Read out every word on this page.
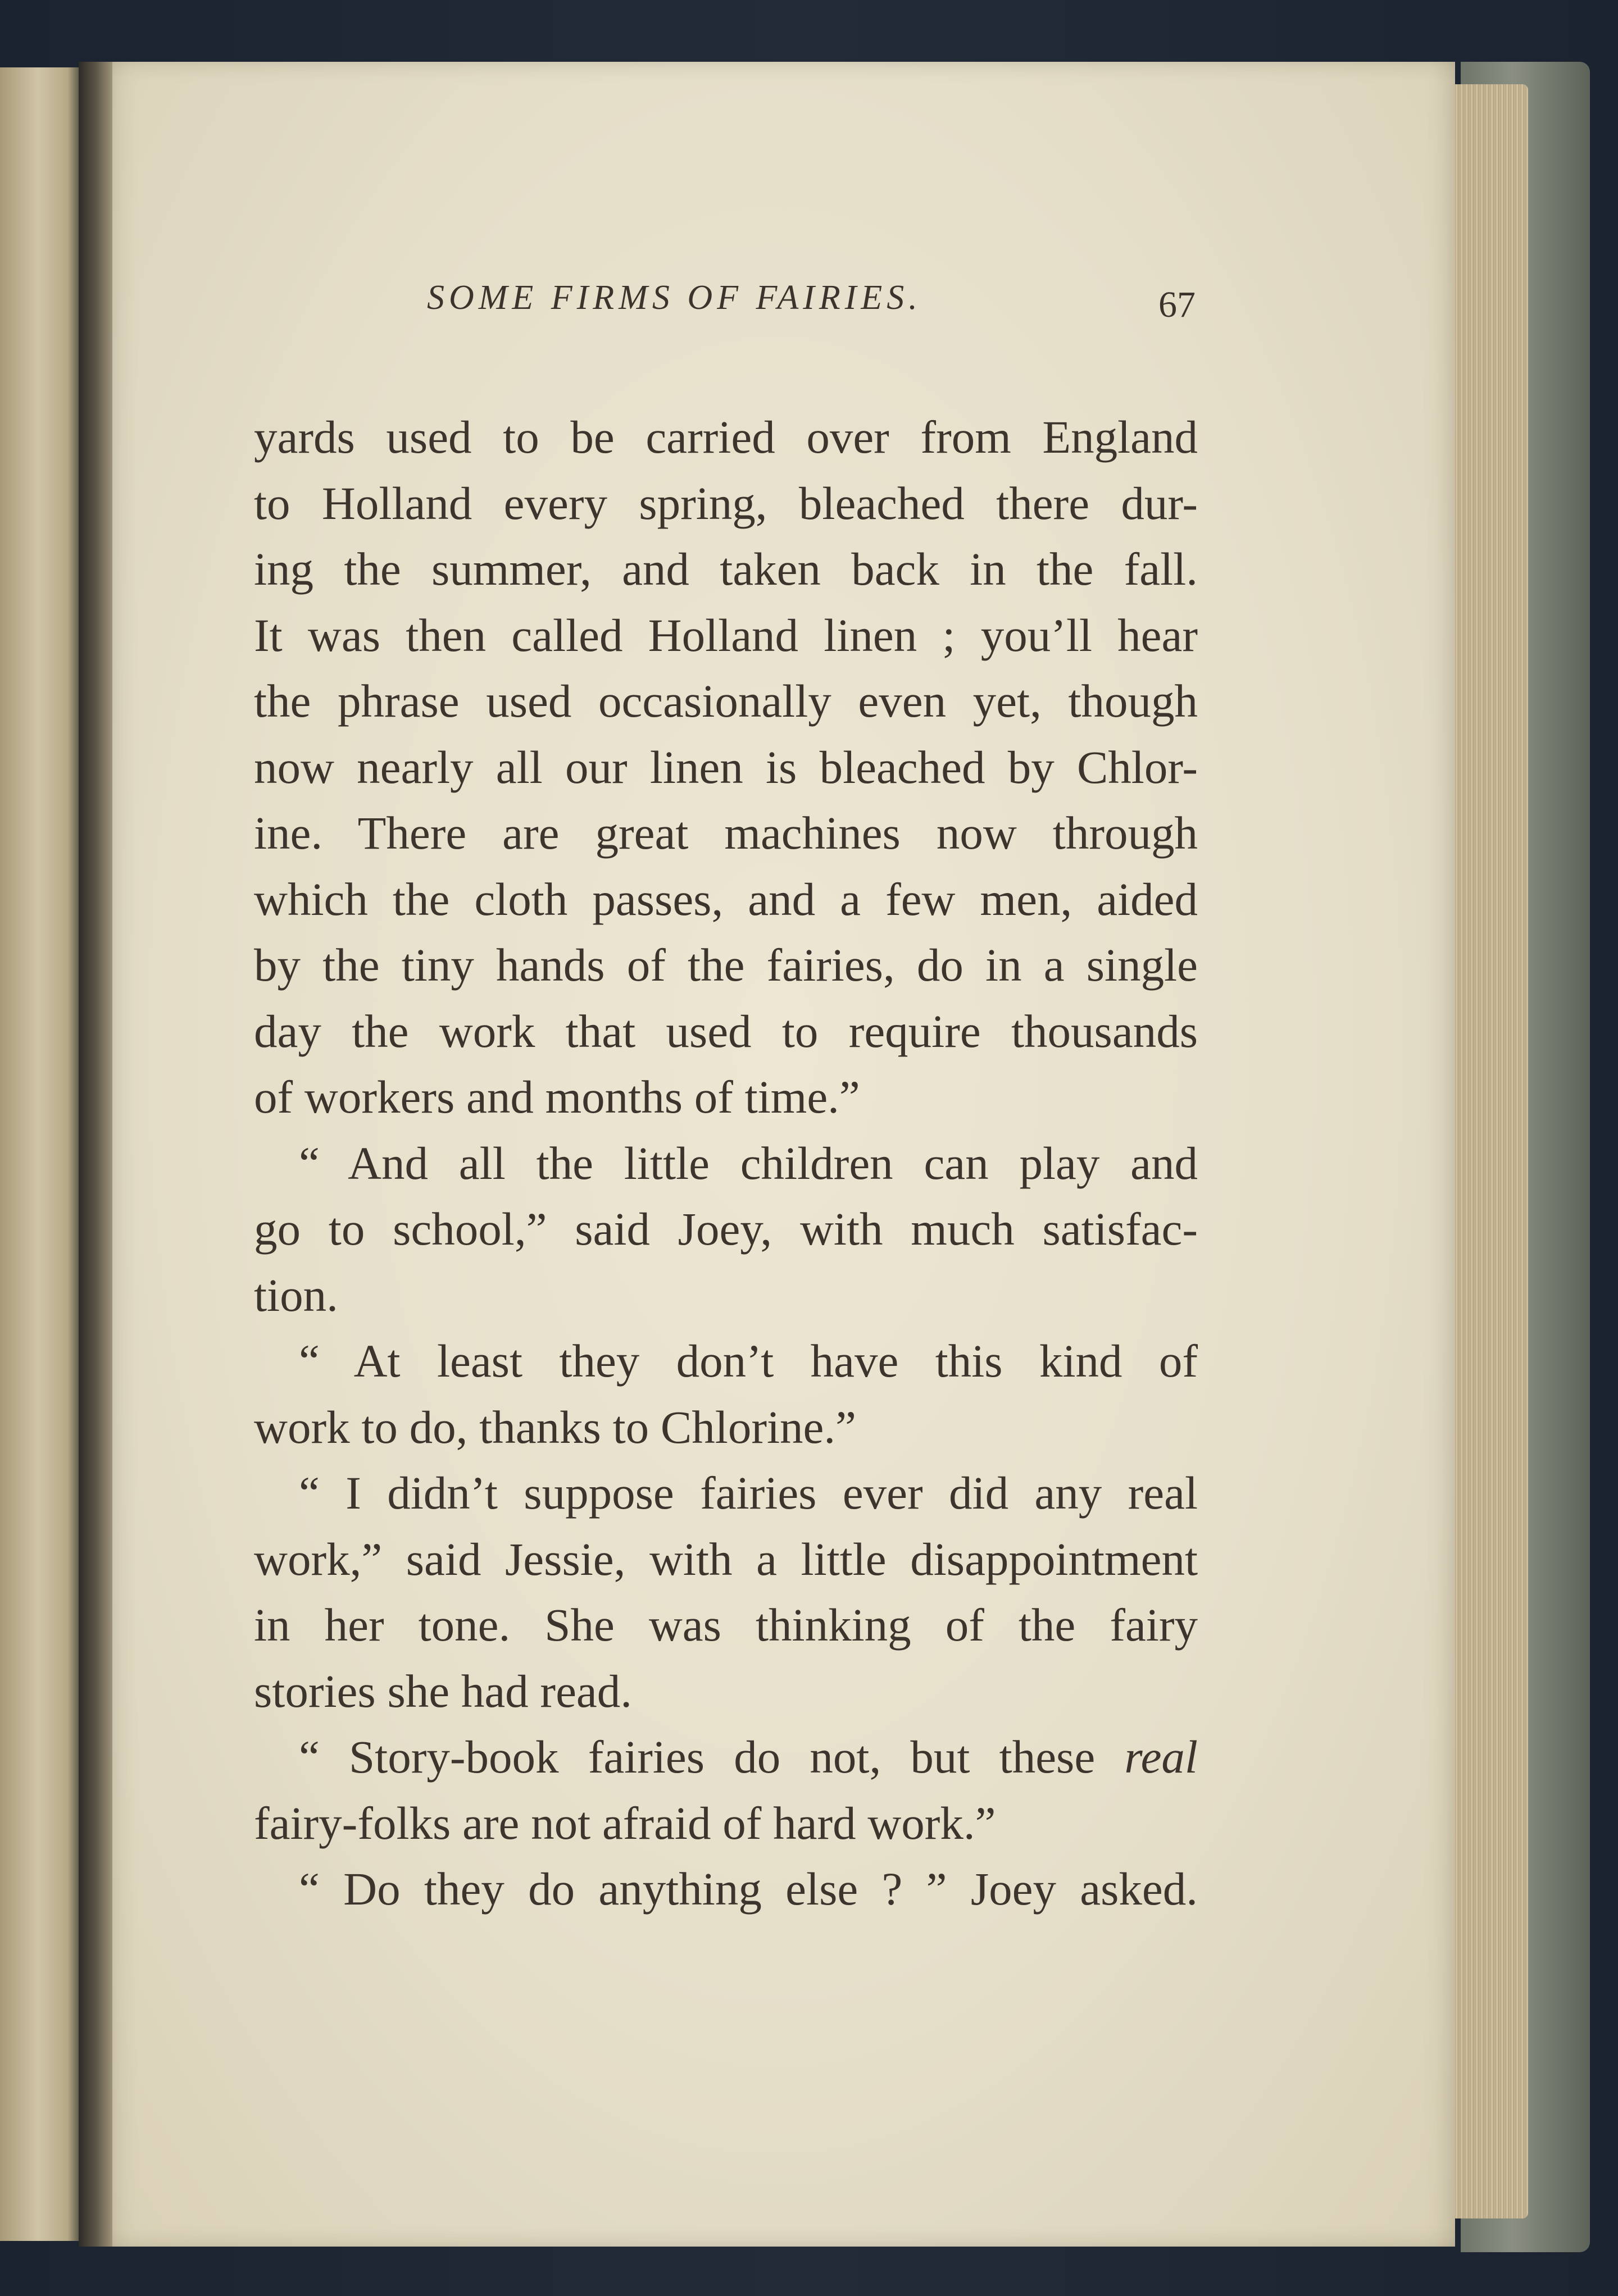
SOME FIRMS OF FAIRIES.	67
yards used to be carried over from England
to Holland every spring, bleached there dur-
ing the summer, and taken back in the fall.
It was then called Holland linen ; you’ll hear
the phrase used occasionally even yet, though
now nearly all our linen is bleached by Chlor-
ine. There are great machines now through
which the cloth passes, and a few men, aided
by the tiny hands of the fairies, do in a single
day the work that used to require thousands
of workers and months of time.”
“ And all the little children can play and
go to school,” said Joey, with much satisfac-
tion.
“ At least they don’t have this kind of
work to do, thanks to Chlorine.”
“ I didn’t suppose fairies ever did any real
work,” said Jessie, with a little disappointment
in her tone. She was thinking of the fairy
stories she had read.
“ Story-book fairies do not, but these real
fairy-folks are not afraid of hard work.”
“ Do they do anything else ? ” Joey asked.
